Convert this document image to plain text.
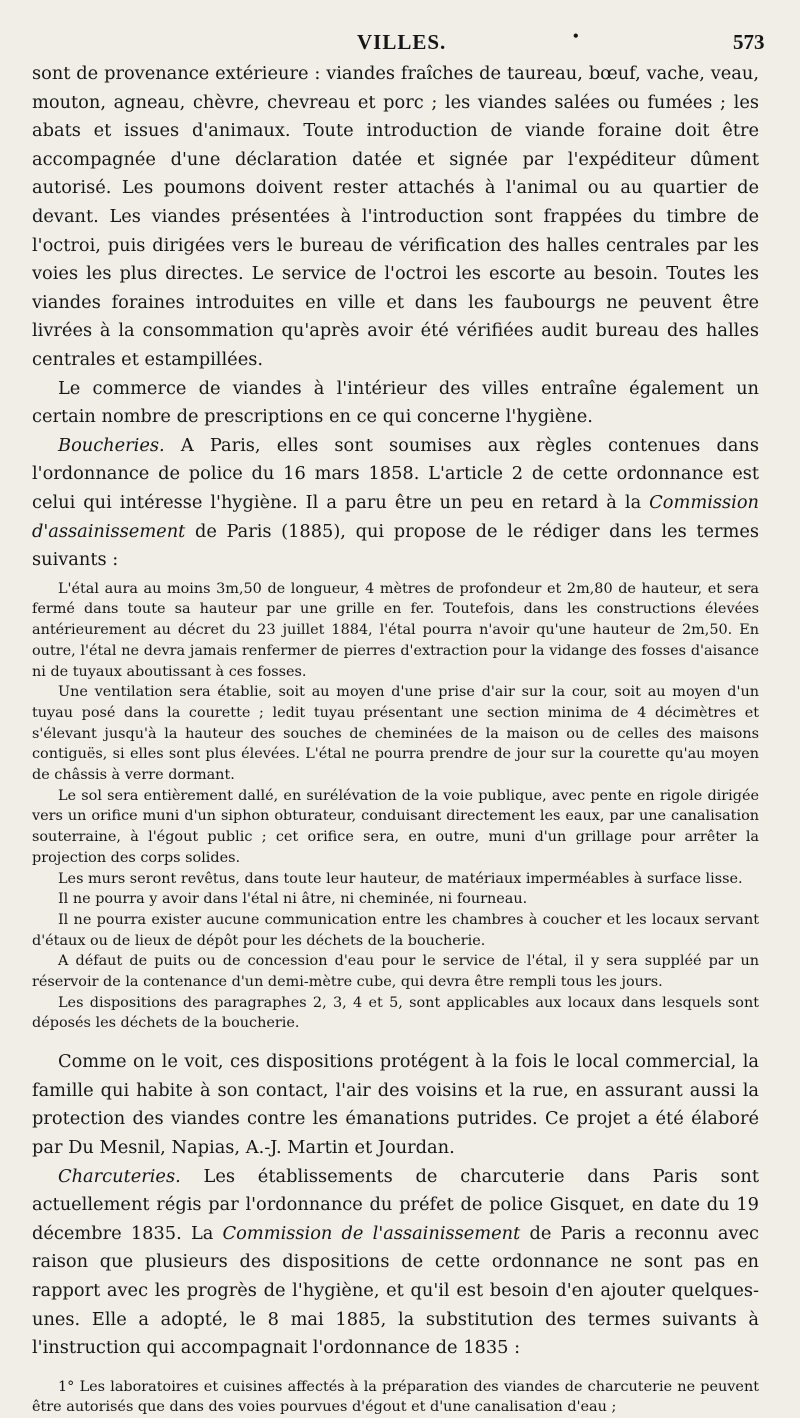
VILLES.	•	573

sont de provenance extérieure : viandes fraîches de taureau, bœuf, vache, veau, mouton, agneau, chèvre, chevreau et porc ; les viandes salées ou fumées ; les abats et issues d'animaux. Toute introduction de viande foraine doit être accompagnée d'une déclaration datée et signée par l'expéditeur dûment autorisé. Les poumons doivent rester attachés à l'animal ou au quartier de devant. Les viandes présentées à l'introduction sont frappées du timbre de l'octroi, puis dirigées vers le bureau de vérification des halles centrales par les voies les plus directes. Le service de l'octroi les escorte au besoin. Toutes les viandes foraines introduites en ville et dans les faubourgs ne peuvent être livrées à la consommation qu'après avoir été vérifiées audit bureau des halles centrales et estampillées.

Le commerce de viandes à l'intérieur des villes entraîne également un certain nombre de prescriptions en ce qui concerne l'hygiène.

Boucheries. A Paris, elles sont soumises aux règles contenues dans l'ordonnance de police du 16 mars 1858. L'article 2 de cette ordonnance est celui qui intéresse l'hygiène. Il a paru être un peu en retard à la Commission d'assainissement de Paris (1885), qui propose de le rédiger dans les termes suivants :

L'étal aura au moins 3m,50 de longueur, 4 mètres de profondeur et 2m,80 de hauteur, et sera fermé dans toute sa hauteur par une grille en fer. Toutefois, dans les constructions élevées antérieurement au décret du 23 juillet 1884, l'étal pourra n'avoir qu'une hauteur de 2m,50. En outre, l'étal ne devra jamais renfermer de pierres d'extraction pour la vidange des fosses d'aisance ni de tuyaux aboutissant à ces fosses.

Une ventilation sera établie, soit au moyen d'une prise d'air sur la cour, soit au moyen d'un tuyau posé dans la courette ; ledit tuyau présentant une section minima de 4 décimètres et s'élevant jusqu'à la hauteur des souches de cheminées de la maison ou de celles des maisons contiguës, si elles sont plus élevées. L'étal ne pourra prendre de jour sur la courette qu'au moyen de châssis à verre dormant.

Le sol sera entièrement dallé, en surélévation de la voie publique, avec pente en rigole dirigée vers un orifice muni d'un siphon obturateur, conduisant directement les eaux, par une canalisation souterraine, à l'égout public ; cet orifice sera, en outre, muni d'un grillage pour arrêter la projection des corps solides.

Les murs seront revêtus, dans toute leur hauteur, de matériaux imperméables à surface lisse.

Il ne pourra y avoir dans l'étal ni âtre, ni cheminée, ni fourneau.

Il ne pourra exister aucune communication entre les chambres à coucher et les locaux servant d'étaux ou de lieux de dépôt pour les déchets de la boucherie.

A défaut de puits ou de concession d'eau pour le service de l'étal, il y sera suppléé par un réservoir de la contenance d'un demi-mètre cube, qui devra être rempli tous les jours.

Les dispositions des paragraphes 2, 3, 4 et 5, sont applicables aux locaux dans lesquels sont déposés les déchets de la boucherie.

Comme on le voit, ces dispositions protégent à la fois le local commercial, la famille qui habite à son contact, l'air des voisins et la rue, en assurant aussi la protection des viandes contre les émanations putrides. Ce projet a été élaboré par Du Mesnil, Napias, A.-J. Martin et Jourdan.

Charcuteries. Les établissements de charcuterie dans Paris sont actuellement régis par l'ordonnance du préfet de police Gisquet, en date du 19 décembre 1835. La Commission de l'assainissement de Paris a reconnu avec raison que plusieurs des dispositions de cette ordonnance ne sont pas en rapport avec les progrès de l'hygiène, et qu'il est besoin d'en ajouter quelques-unes. Elle a adopté, le 8 mai 1885, la substitution des termes suivants à l'instruction qui accompagnait l'ordonnance de 1835 :

1° Les laboratoires et cuisines affectés à la préparation des viandes de charcuterie ne peuvent être autorisés que dans des voies pourvues d'égout et d'une canalisation d'eau ;
